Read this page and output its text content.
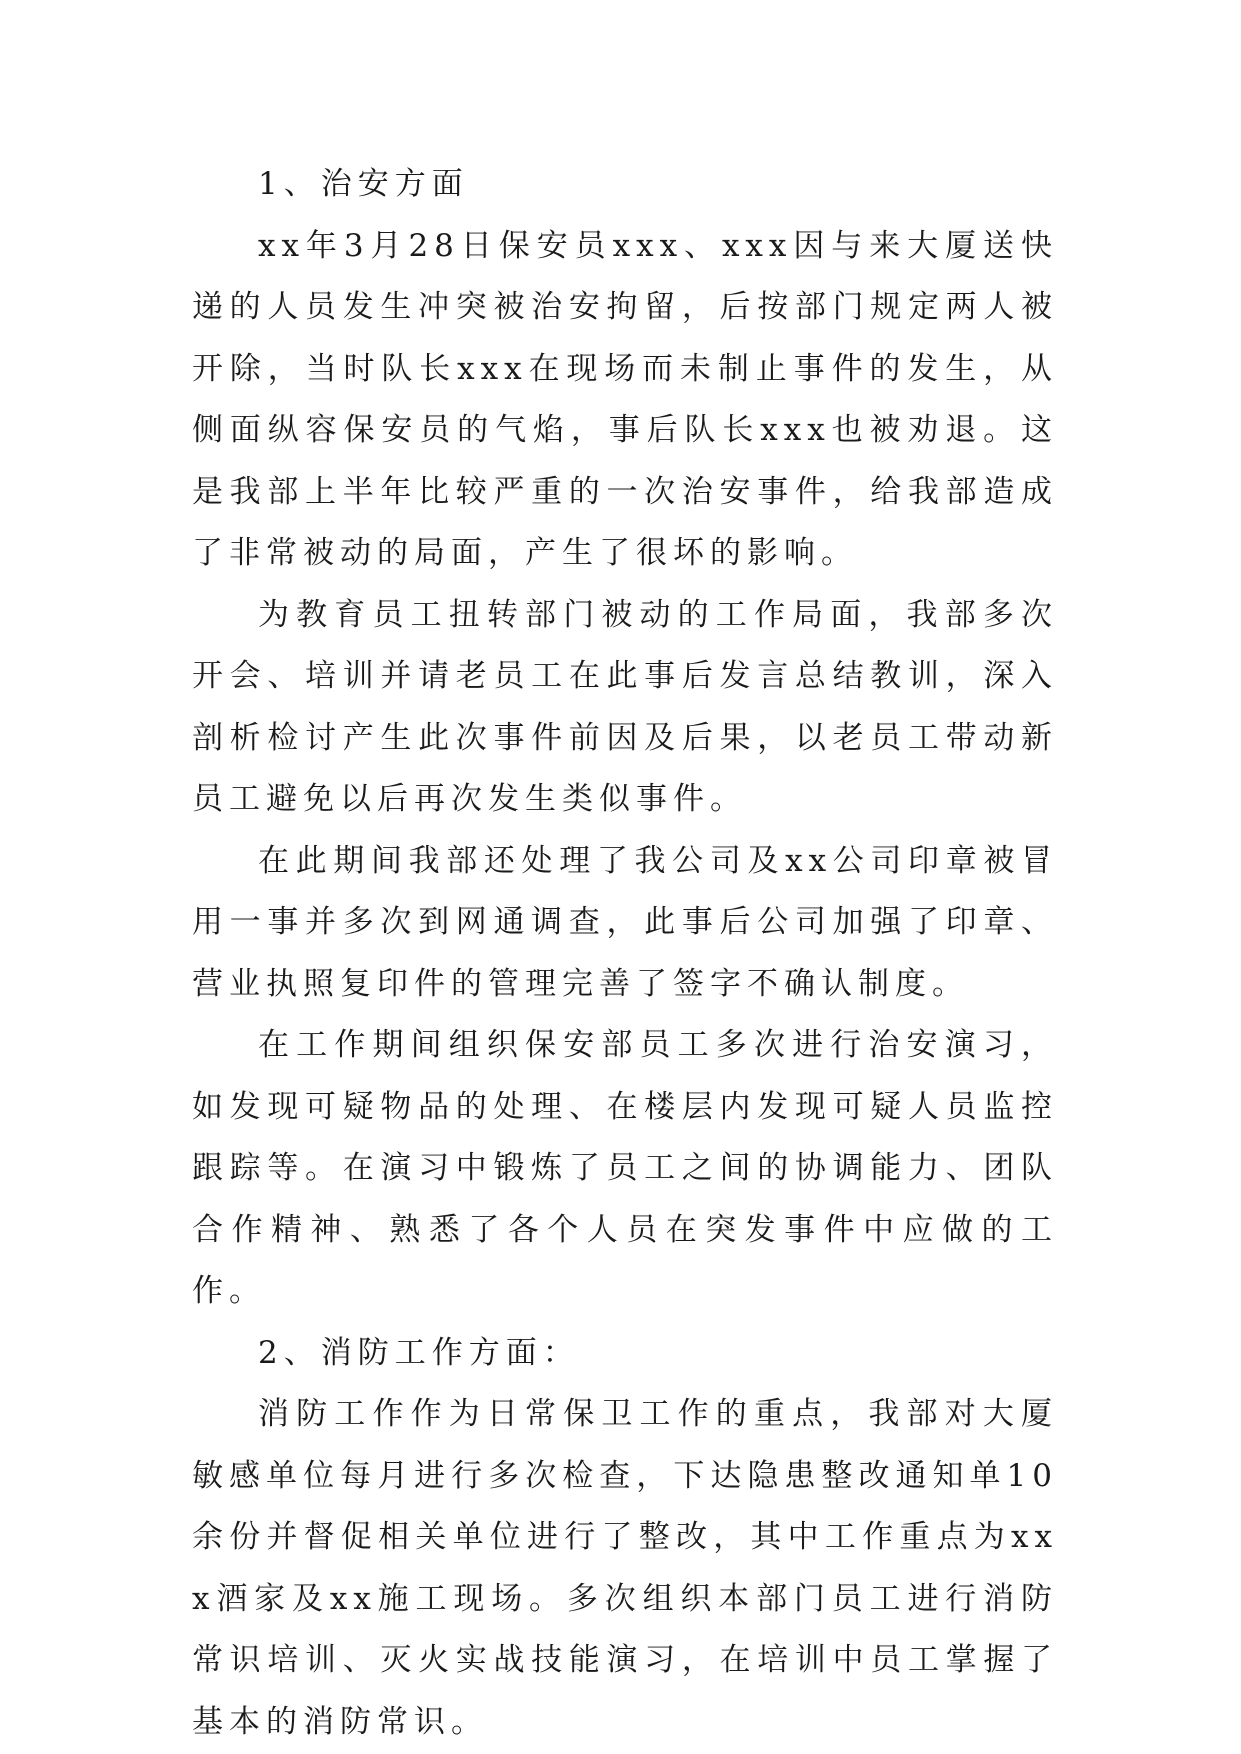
1、治安方面

xx年3月28日保安员xxx、xxx因与来大厦送快递的人员发生冲突被治安拘留，后按部门规定两人被开除，当时队长xxx在现场而未制止事件的发生，从侧面纵容保安员的气焰，事后队长xxx也被劝退。这是我部上半年比较严重的一次治安事件，给我部造成了非常被动的局面，产生了很坏的影响。

为教育员工扭转部门被动的工作局面，我部多次开会、培训并请老员工在此事后发言总结教训，深入剖析检讨产生此次事件前因及后果，以老员工带动新员工避免以后再次发生类似事件。

在此期间我部还处理了我公司及xx公司印章被冒用一事并多次到网通调查，此事后公司加强了印章、营业执照复印件的管理完善了签字不确认制度。

在工作期间组织保安部员工多次进行治安演习，如发现可疑物品的处理、在楼层内发现可疑人员监控跟踪等。在演习中锻炼了员工之间的协调能力、团队合作精神、熟悉了各个人员在突发事件中应做的工作。

2、消防工作方面：

消防工作作为日常保卫工作的重点，我部对大厦敏感单位每月进行多次检查，下达隐患整改通知单10余份并督促相关单位进行了整改，其中工作重点为xxx酒家及xx施工现场。多次组织本部门员工进行消防常识培训、灭火实战技能演习，在培训中员工掌握了基本的消防常识。
